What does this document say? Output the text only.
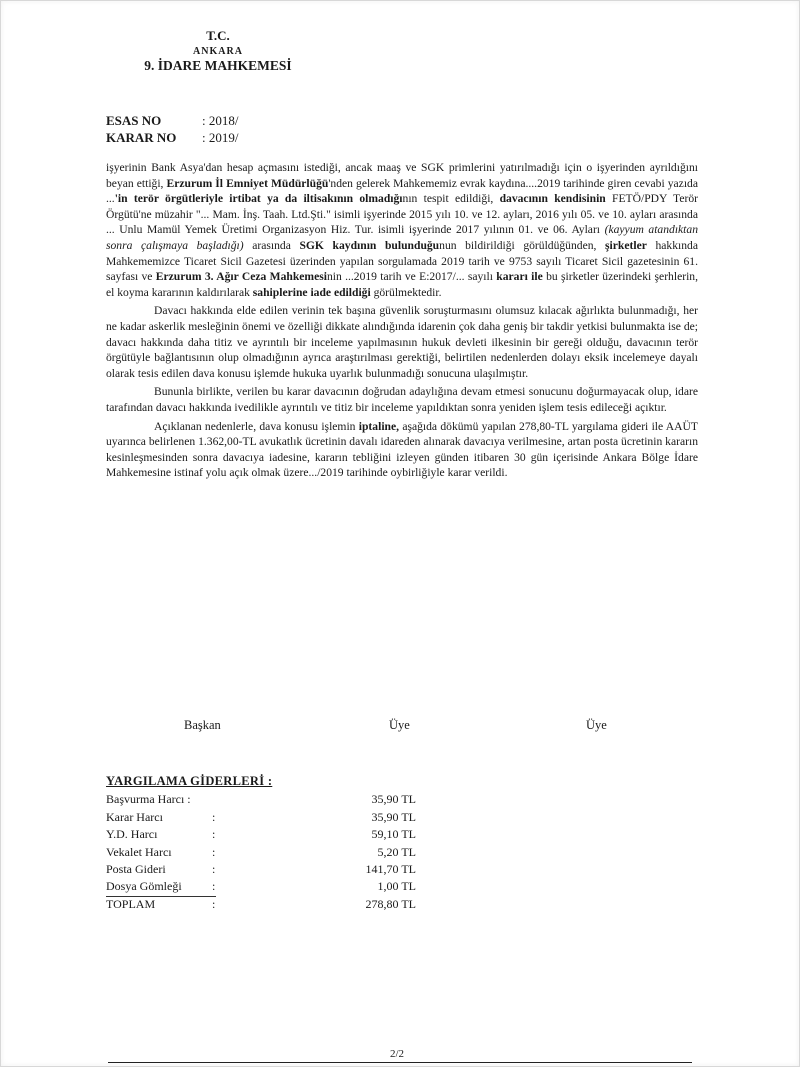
T.C.
ANKARA
9. İDARE MAHKEMESİ
ESAS NO	: 2018/
KARAR NO : 2019/

işyerinin Bank Asya'dan hesap açmasını istediği, ancak maaş ve SGK primlerini yatırılmadığı için o işyerinden ayrıldığını beyan ettiği, Erzurum İl Emniyet Müdürlüğü'nden gelerek Mahkememiz evrak kaydına....2019 tarihinde giren cevabi yazıda ...'in terör örgütleriyle irtibat ya da iltisakının olmadığının tespit edildiği, davacının kendisinin FETÖ/PDY Terör Örgütü'ne müzahir "... Mam. İnş. Taah. Ltd.Şti." isimli işyerinde 2015 yılı 10. ve 12. ayları, 2016 yılı 05. ve 10. ayları arasında ... Unlu Mamül Yemek Üretimi Organizasyon Hiz. Tur. isimli işyerinde 2017 yılının 01. ve 06. Ayları (kayyum atandıktan sonra çalışmaya başladığı) arasında SGK kaydının bulunduğunun bildirildiği görüldüğünden, şirketler hakkında Mahkememizce Ticaret Sicil Gazetesi üzerinden yapılan sorgulamada 2019 tarih ve 9753 sayılı Ticaret Sicil gazetesinin 61. sayfası ve Erzurum 3. Ağır Ceza Mahkemesinin ...2019 tarih ve E:2017/... sayılı kararı ile bu şirketler üzerindeki şerhlerin, el koyma kararının kaldırılarak sahiplerine iade edildiği görülmektedir.

Davacı hakkında elde edilen verinin tek başına güvenlik soruşturmasını olumsuz kılacak ağırlıkta bulunmadığı, her ne kadar askerlik mesleğinin önemi ve özelliği dikkate alındığında idarenin çok daha geniş bir takdir yetkisi bulunmakta ise de; davacı hakkında daha titiz ve ayrıntılı bir inceleme yapılmasının hukuk devleti ilkesinin bir gereği olduğu, davacının terör örgütüyle bağlantısının olup olmadığının ayrıca araştırılması gerektiği, belirtilen nedenlerden dolayı eksik incelemeye dayalı olarak tesis edilen dava konusu işlemde hukuka uyarlık bulunmadığı sonucuna ulaşılmıştır.

Bununla birlikte, verilen bu karar davacının doğrudan adaylığına devam etmesi sonucunu doğurmayacak olup, idare tarafından davacı hakkında ivedilikle ayrıntılı ve titiz bir inceleme yapıldıktan sonra yeniden işlem tesis edileceği açıktır.

Açıklanan nedenlerle, dava konusu işlemin iptaline, aşağıda dökümü yapılan 278,80-TL yargılama gideri ile AAÜT uyarınca belirlenen 1.362,00-TL avukatlık ücretinin davalı idareden alınarak davacıya verilmesine, artan posta ücretinin kararın kesinleşmesinden sonra davacıya iadesine, kararın tebliğini izleyen günden itibaren 30 gün içerisinde Ankara Bölge İdare Mahkemesine istinaf yolu açık olmak üzere.../2019 tarihinde oybirliğiyle karar verildi.

Başkan	Üye	Üye
YARGILAMA GİDERLERİ :
Başvurma Harcı :	35,90 TL
Karar Harcı	:	35,90 TL
Y.D. Harcı	:	59,10 TL
Vekalet Harcı	:	5,20 TL
Posta Gideri	:	141,70 TL
Dosya Gömleği	:	1,00 TL
TOPLAM	:	278,80 TL
2/2
